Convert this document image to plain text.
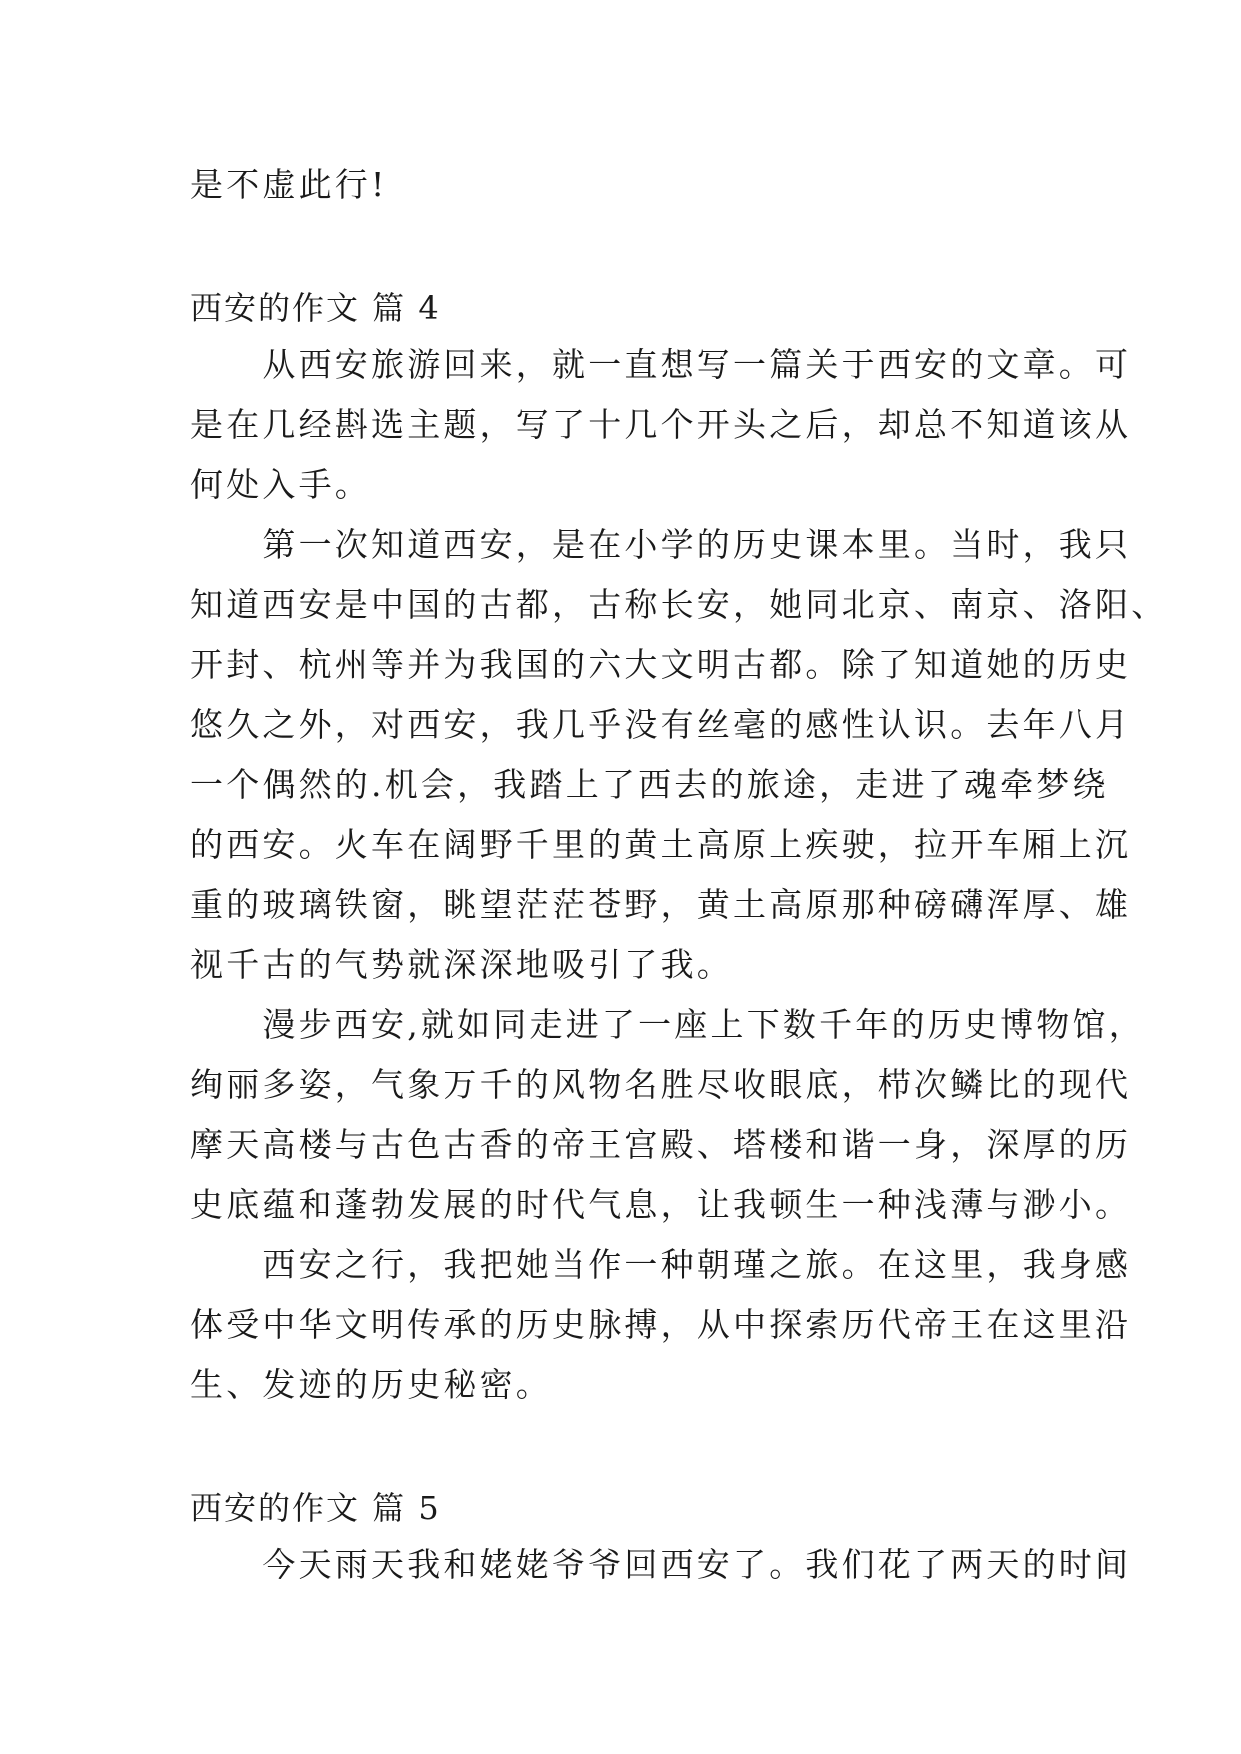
是不虚此行!
西安的作文 篇 4
　　从西安旅游回来，就一直想写一篇关于西安的文章。可
是在几经斟选主题，写了十几个开头之后，却总不知道该从
何处入手。
　　第一次知道西安，是在小学的历史课本里。当时，我只
知道西安是中国的古都，古称长安，她同北京、南京、洛阳、
开封、杭州等并为我国的六大文明古都。除了知道她的历史
悠久之外，对西安，我几乎没有丝毫的感性认识。去年八月
一个偶然的.机会，我踏上了西去的旅途，走进了魂牵梦绕
的西安。火车在阔野千里的黄土高原上疾驶，拉开车厢上沉
重的玻璃铁窗，眺望茫茫苍野，黄土高原那种磅礴浑厚、雄
视千古的气势就深深地吸引了我。
　　漫步西安,就如同走进了一座上下数千年的历史博物馆，
绚丽多姿，气象万千的风物名胜尽收眼底，栉次鳞比的现代
摩天高楼与古色古香的帝王宫殿、塔楼和谐一身，深厚的历
史底蕴和蓬勃发展的时代气息，让我顿生一种浅薄与渺小。
　　西安之行，我把她当作一种朝瑾之旅。在这里，我身感
体受中华文明传承的历史脉搏，从中探索历代帝王在这里沿
生、发迹的历史秘密。
西安的作文 篇 5
　　今天雨天我和姥姥爷爷回西安了。我们花了两天的时间
